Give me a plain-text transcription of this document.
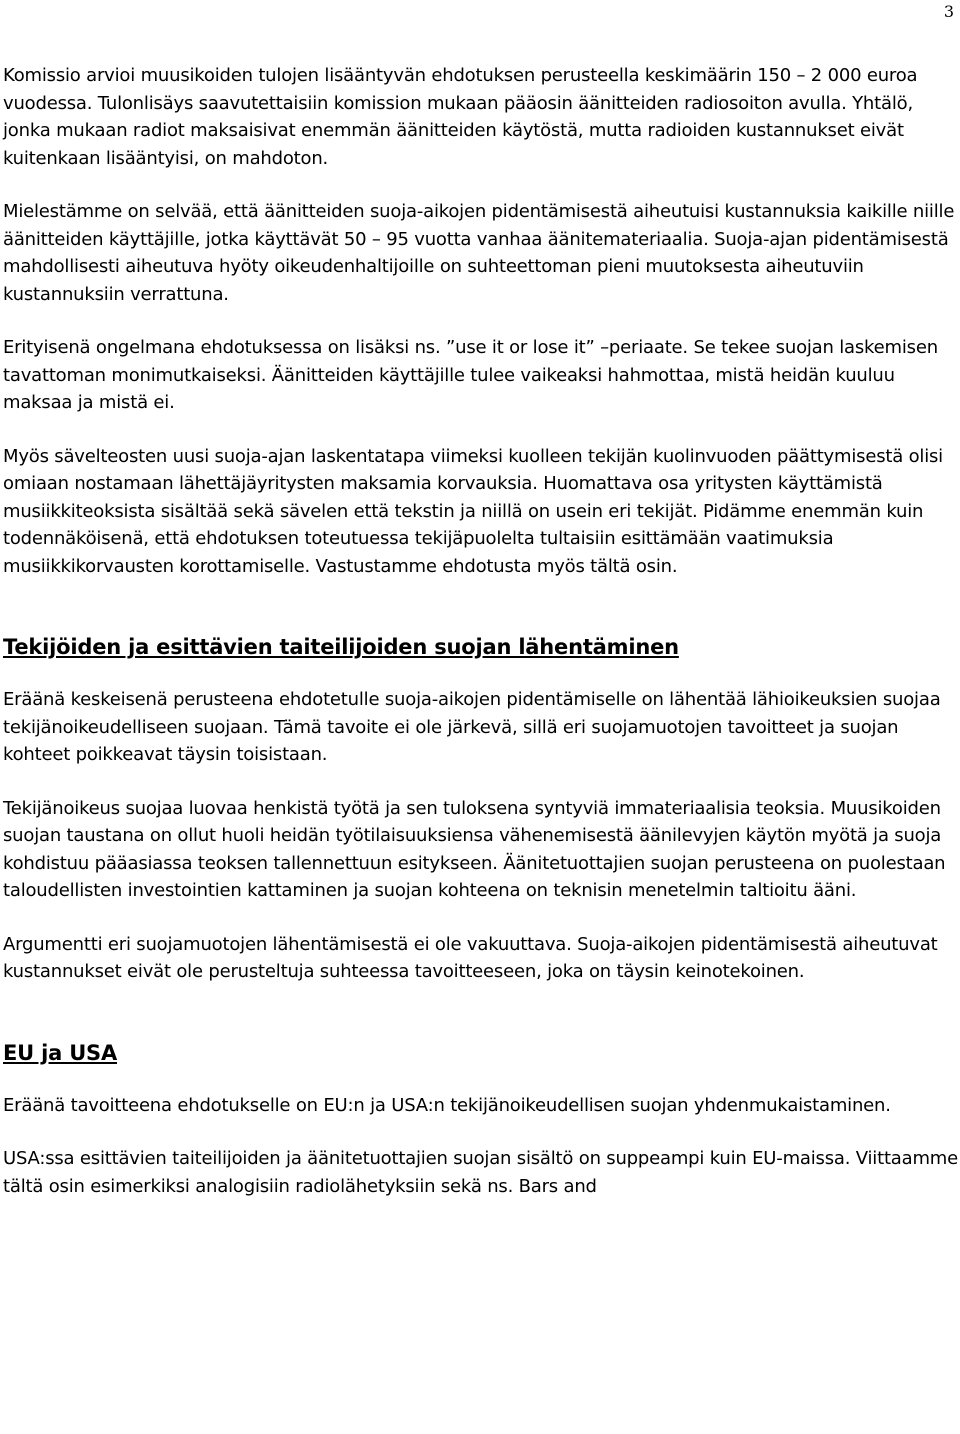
3

Komissio arvioi muusikoiden tulojen lisääntyvän ehdotuksen perusteella keskimäärin 150 – 2 000 euroa vuodessa. Tulonlisäys saavutettaisiin komission mukaan pääosin äänitteiden radiosoiton avulla. Yhtälö, jonka mukaan radiot maksaisivat enemmän äänitteiden käytöstä, mutta radioiden kustannukset eivät kuitenkaan lisääntyisi, on mahdoton.

Mielestämme on selvää, että äänitteiden suoja-aikojen pidentämisestä aiheutuisi kustannuksia kaikille niille äänitteiden käyttäjille, jotka käyttävät 50 – 95 vuotta vanhaa äänitemateriaalia. Suoja-ajan pidentämisestä mahdollisesti aiheutuva hyöty oikeudenhaltijoille on suhteettoman pieni muutoksesta aiheutuviin kustannuksiin verrattuna.

Erityisenä ongelmana ehdotuksessa on lisäksi ns. ”use it or lose it” –periaate. Se tekee suojan laskemisen tavattoman monimutkaiseksi. Äänitteiden käyttäjille tulee vaikeaksi hahmottaa, mistä heidän kuuluu maksaa ja mistä ei.

Myös sävelteosten uusi suoja-ajan laskentatapa viimeksi kuolleen tekijän kuolinvuoden päättymisestä olisi omiaan nostamaan lähettäjäyritysten maksamia korvauksia. Huomattava osa yritysten käyttämistä musiikkiteoksista sisältää sekä sävelen että tekstin ja niillä on usein eri tekijät. Pidämme enemmän kuin todennäköisenä, että ehdotuksen toteutuessa tekijäpuolelta tultaisiin esittämään vaatimuksia musiikkikorvausten korottamiselle. Vastustamme ehdotusta myös tältä osin.

Tekijöiden ja esittävien taiteilijoiden suojan lähentäminen

Eräänä keskeisenä perusteena ehdotetulle suoja-aikojen pidentämiselle on lähentää lähioikeuksien suojaa tekijänoikeudelliseen suojaan. Tämä tavoite ei ole järkevä, sillä eri suojamuotojen tavoitteet ja suojan kohteet poikkeavat täysin toisistaan.

Tekijänoikeus suojaa luovaa henkistä työtä ja sen tuloksena syntyviä immateriaalisia teoksia. Muusikoiden suojan taustana on ollut huoli heidän työtilaisuuksiensa vähenemisestä äänilevyjen käytön myötä ja suoja kohdistuu pääasiassa teoksen tallennettuun esitykseen. Äänitetuottajien suojan perusteena on puolestaan taloudellisten investointien kattaminen ja suojan kohteena on teknisin menetelmin taltioitu ääni.

Argumentti eri suojamuotojen lähentämisestä ei ole vakuuttava. Suoja-aikojen pidentämisestä aiheutuvat kustannukset eivät ole perusteltuja suhteessa tavoitteeseen, joka on täysin keinotekoinen.

EU ja USA

Eräänä tavoitteena ehdotukselle on EU:n ja USA:n tekijänoikeudellisen suojan yhdenmukaistaminen.

USA:ssa esittävien taiteilijoiden ja äänitetuottajien suojan sisältö on suppeampi kuin EU-maissa. Viittaamme tältä osin esimerkiksi analogisiin radiolähetyksiin sekä ns. Bars and
